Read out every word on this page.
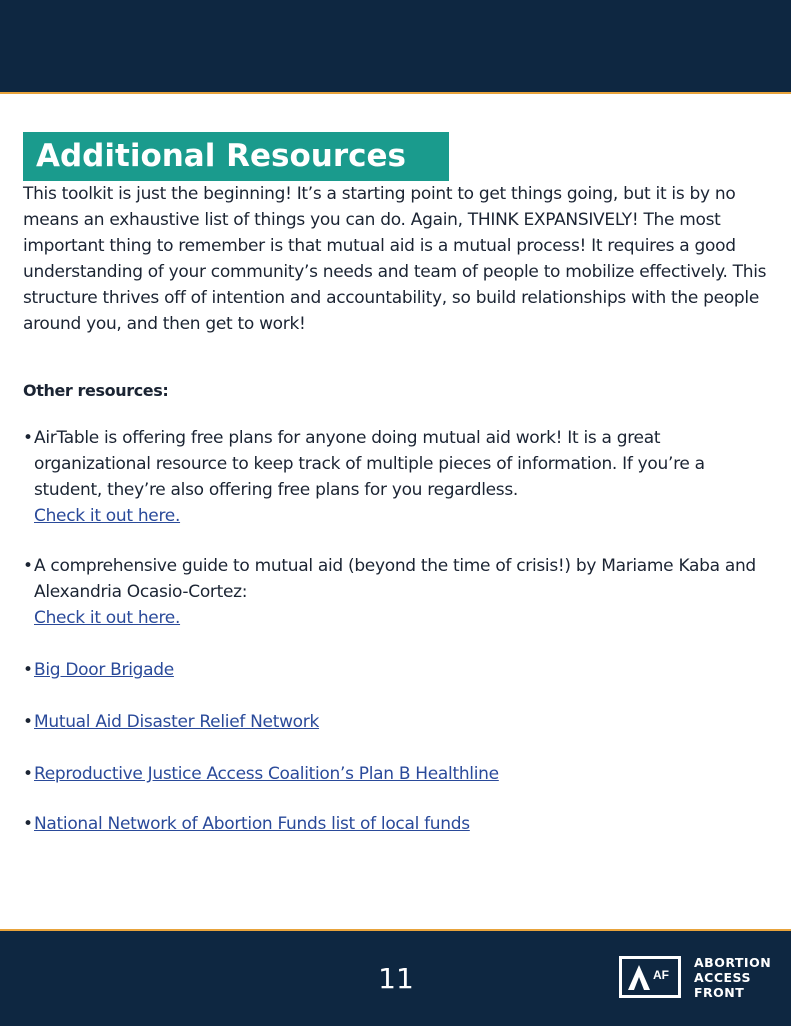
Additional Resources

This toolkit is just the beginning! It’s a starting point to get things going, but it is by no means an exhaustive list of things you can do. Again, THINK EXPANSIVELY! The most important thing to remember is that mutual aid is a mutual process! It requires a good understanding of your community’s needs and team of people to mobilize effectively. This structure thrives off of intention and accountability, so build relationships with the people around you, and then get to work!

Other resources:
• AirTable is offering free plans for anyone doing mutual aid work! It is a great organizational resource to keep track of multiple pieces of information. If you’re a student, they’re also offering free plans for you regardless.
Check it out here.
• A comprehensive guide to mutual aid (beyond the time of crisis!) by Mariame Kaba and Alexandria Ocasio-Cortez:
Check it out here.
• Big Door Brigade
• Mutual Aid Disaster Relief Network
• Reproductive Justice Access Coalition’s Plan B Healthline
• National Network of Abortion Funds list of local funds
11	AF
ABORTION
ACCESS
FRONT
